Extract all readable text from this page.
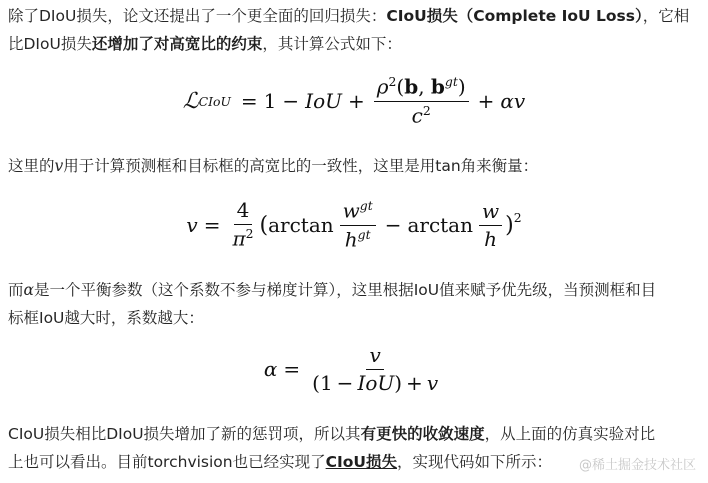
除了DIoU损失，论文还提出了一个更全面的回归损失：CIoU损失（Complete IoU Loss），它相
比DIoU损失还增加了对高宽比的约束，其计算公式如下：

ℒ CIoU = 1 − IoU + $\frac{\rho^2(b, b^{gt})}{c^2} + \alpha$ v

这里的v用于计算预测框和目标框的高宽比的一致性，这里是用tan角来衡量：

$v = \frac{4}{\pi^2}$ ( $\arctan \frac{w^{gt}}{h^{gt}} - \arctan \frac{w}{h} )^2$

而α是一个平衡参数（这个系数不参与梯度计算），这里根据IoU值来赋予优先级，当预测框和目
标框IoU越大时，系数越大：

$\alpha = \frac{v}{\text{(1 − IoU) + v}}$

CIoU损失相比DIoU损失增加了新的惩罚项，所以其有更快的收敛速度，从上面的仿真实验对比
上也可以看出。目前torchvision也已经实现了CIoU损失，实现代码如下所示：	@稀土掘金技术社区
